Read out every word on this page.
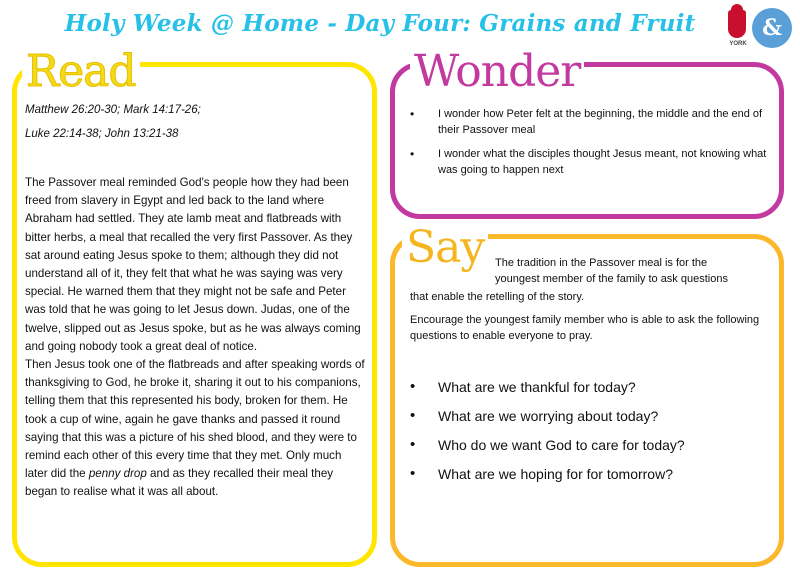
Holy Week @ Home - Day Four: Grains and Fruit
YORK
&
Read
Matthew 26:20-30; Mark 14:17-26;
Luke 22:14-38; John 13:21-38

The Passover meal reminded God's people how they had been freed from slavery in Egypt and led back to the land where Abraham had settled. They ate lamb meat and flatbreads with bitter herbs, a meal that recalled the very first Passover. As they sat around eating Jesus spoke to them; although they did not understand all of it, they felt that what he was saying was very special. He warned them that they might not be safe and Peter was told that he was going to let Jesus down. Judas, one of the twelve, slipped out as Jesus spoke, but as he was always coming and going nobody took a great deal of notice.

Then Jesus took one of the flatbreads and after speaking words of thanksgiving to God, he broke it, sharing it out to his companions, telling them that this represented his body, broken for them. He took a cup of wine, again he gave thanks and passed it round saying that this was a picture of his shed blood, and they were to remind each other of this every time that they met. Only much later did the penny drop and as they recalled their meal they began to realise what it was all about.

Wonder
• I wonder how Peter felt at the beginning, the middle and the end of their Passover meal
• I wonder what the disciples thought Jesus meant, not knowing what was going to happen next
Say The tradition in the Passover meal is for the
youngest member of the family to ask questions
that enable the retelling of the story.
Encourage the youngest family member who is able to ask the following questions to enable everyone to pray.
• What are we thankful for today?
• What are we worrying about today?
• Who do we want God to care for today?
• What are we hoping for for tomorrow?
